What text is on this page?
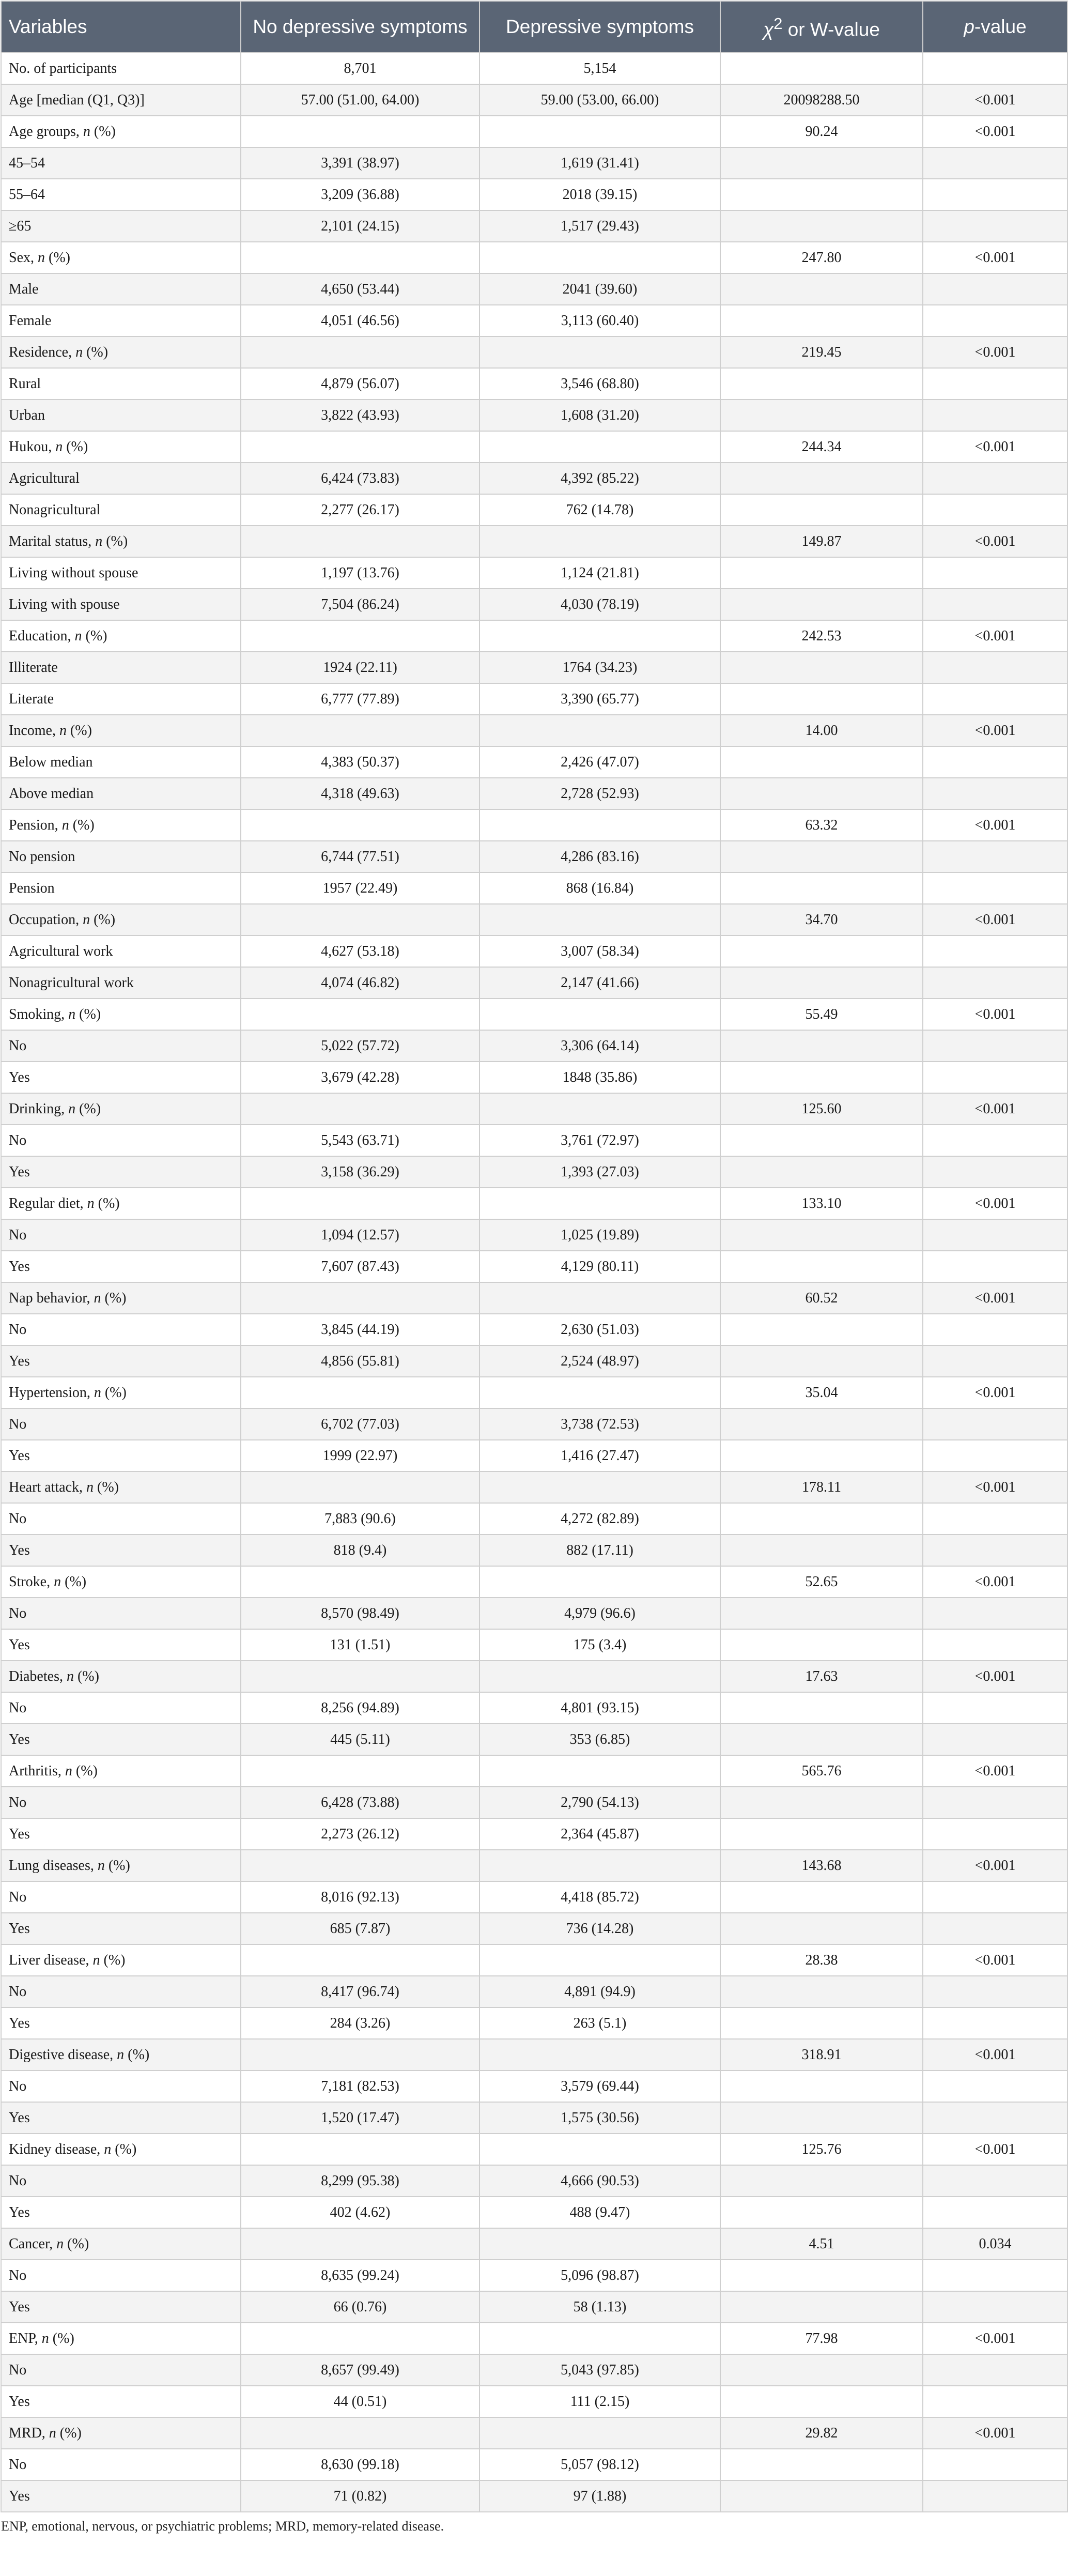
Variables	No depressive symptoms	Depressive symptoms	$\chi^2$ or W-value	p-value
No. of participants	8,701	5,154		
Age [median (Q1, Q3)]	57.00 (51.00, 64.00)	59.00 (53.00, 66.00)	20098288.50	<0.001
Age groups, n (%)			90.24	<0.001
45–54	3,391 (38.97)	1,619 (31.41)		
55–64	3,209 (36.88)	2018 (39.15)		
≥65	2,101 (24.15)	1,517 (29.43)		
Sex, n (%)			247.80	<0.001
Male	4,650 (53.44)	2041 (39.60)		
Female	4,051 (46.56)	3,113 (60.40)		
Residence, n (%)			219.45	<0.001
Rural	4,879 (56.07)	3,546 (68.80)		
Urban	3,822 (43.93)	1,608 (31.20)		
Hukou, n (%)			244.34	<0.001
Agricultural	6,424 (73.83)	4,392 (85.22)		
Nonagricultural	2,277 (26.17)	762 (14.78)		
Marital status, n (%)			149.87	<0.001
Living without spouse	1,197 (13.76)	1,124 (21.81)		
Living with spouse	7,504 (86.24)	4,030 (78.19)		
Education, n (%)			242.53	<0.001
Illiterate	1924 (22.11)	1764 (34.23)		
Literate	6,777 (77.89)	3,390 (65.77)		
Income, n (%)			14.00	<0.001
Below median	4,383 (50.37)	2,426 (47.07)		
Above median	4,318 (49.63)	2,728 (52.93)		
Pension, n (%)			63.32	<0.001
No pension	6,744 (77.51)	4,286 (83.16)		
Pension	1957 (22.49)	868 (16.84)		
Occupation, n (%)			34.70	<0.001
Agricultural work	4,627 (53.18)	3,007 (58.34)		
Nonagricultural work	4,074 (46.82)	2,147 (41.66)		
Smoking, n (%)			55.49	<0.001
No	5,022 (57.72)	3,306 (64.14)		
Yes	3,679 (42.28)	1848 (35.86)		
Drinking, n (%)			125.60	<0.001
No	5,543 (63.71)	3,761 (72.97)		
Yes	3,158 (36.29)	1,393 (27.03)		
Regular diet, n (%)			133.10	<0.001
No	1,094 (12.57)	1,025 (19.89)		
Yes	7,607 (87.43)	4,129 (80.11)		
Nap behavior, n (%)			60.52	<0.001
No	3,845 (44.19)	2,630 (51.03)		
Yes	4,856 (55.81)	2,524 (48.97)		
Hypertension, n (%)			35.04	<0.001
No	6,702 (77.03)	3,738 (72.53)		
Yes	1999 (22.97)	1,416 (27.47)		
Heart attack, n (%)			178.11	<0.001
No	7,883 (90.6)	4,272 (82.89)		
Yes	818 (9.4)	882 (17.11)		
Stroke, n (%)			52.65	<0.001
No	8,570 (98.49)	4,979 (96.6)		
Yes	131 (1.51)	175 (3.4)		
Diabetes, n (%)			17.63	<0.001
No	8,256 (94.89)	4,801 (93.15)		
Yes	445 (5.11)	353 (6.85)		
Arthritis, n (%)			565.76	<0.001
No	6,428 (73.88)	2,790 (54.13)		
Yes	2,273 (26.12)	2,364 (45.87)		
Lung diseases, n (%)			143.68	<0.001
No	8,016 (92.13)	4,418 (85.72)		
Yes	685 (7.87)	736 (14.28)		
Liver disease, n (%)			28.38	<0.001
No	8,417 (96.74)	4,891 (94.9)		
Yes	284 (3.26)	263 (5.1)		
Digestive disease, n (%)			318.91	<0.001
No	7,181 (82.53)	3,579 (69.44)		
Yes	1,520 (17.47)	1,575 (30.56)		
Kidney disease, n (%)			125.76	<0.001
No	8,299 (95.38)	4,666 (90.53)		
Yes	402 (4.62)	488 (9.47)		
Cancer, n (%)			4.51	0.034
No	8,635 (99.24)	5,096 (98.87)		
Yes	66 (0.76)	58 (1.13)		
ENP, n (%)			77.98	<0.001
No	8,657 (99.49)	5,043 (97.85)		
Yes	44 (0.51)	111 (2.15)		
MRD, n (%)			29.82	<0.001
No	8,630 (99.18)	5,057 (98.12)		
Yes	71 (0.82)	97 (1.88)		
ENP, emotional, nervous, or psychiatric problems; MRD, memory-related disease.
